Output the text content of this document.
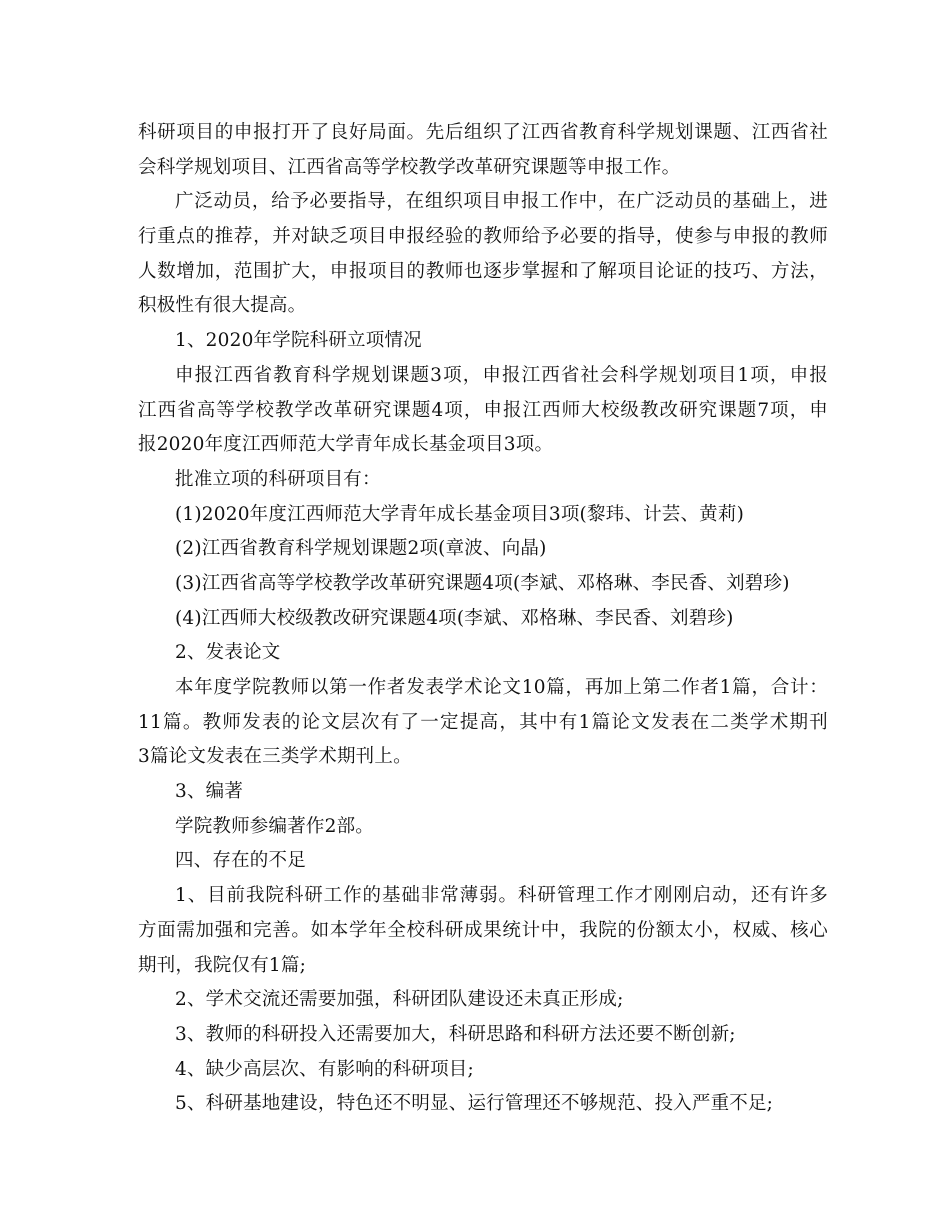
科研项目的申报打开了良好局面。先后组织了江西省教育科学规划课题、江西省社
会科学规划项目、江西省高等学校教学改革研究课题等申报工作。
广泛动员，给予必要指导，在组织项目申报工作中，在广泛动员的基础上，进
行重点的推荐，并对缺乏项目申报经验的教师给予必要的指导，使参与申报的教师
人数增加，范围扩大，申报项目的教师也逐步掌握和了解项目论证的技巧、方法，
积极性有很大提高。
1、2020年学院科研立项情况
申报江西省教育科学规划课题3项，申报江西省社会科学规划项目1项，申报
江西省高等学校教学改革研究课题4项，申报江西师大校级教改研究课题7项，申
报2020年度江西师范大学青年成长基金项目3项。
批准立项的科研项目有：
(1)2020年度江西师范大学青年成长基金项目3项(黎玮、计芸、黄莉)
(2)江西省教育科学规划课题2项(章波、向晶)
(3)江西省高等学校教学改革研究课题4项(李斌、邓格琳、李民香、刘碧珍)
(4)江西师大校级教改研究课题4项(李斌、邓格琳、李民香、刘碧珍)
2、发表论文
本年度学院教师以第一作者发表学术论文10篇，再加上第二作者1篇，合计：
11篇。教师发表的论文层次有了一定提高，其中有1篇论文发表在二类学术期刊
3篇论文发表在三类学术期刊上。
3、编著
学院教师参编著作2部。
四、存在的不足
1、目前我院科研工作的基础非常薄弱。科研管理工作才刚刚启动，还有许多
方面需加强和完善。如本学年全校科研成果统计中，我院的份额太小，权威、核心
期刊，我院仅有1篇;
2、学术交流还需要加强，科研团队建设还未真正形成;
3、教师的科研投入还需要加大，科研思路和科研方法还要不断创新;
4、缺少高层次、有影响的科研项目;
5、科研基地建设，特色还不明显、运行管理还不够规范、投入严重不足;
